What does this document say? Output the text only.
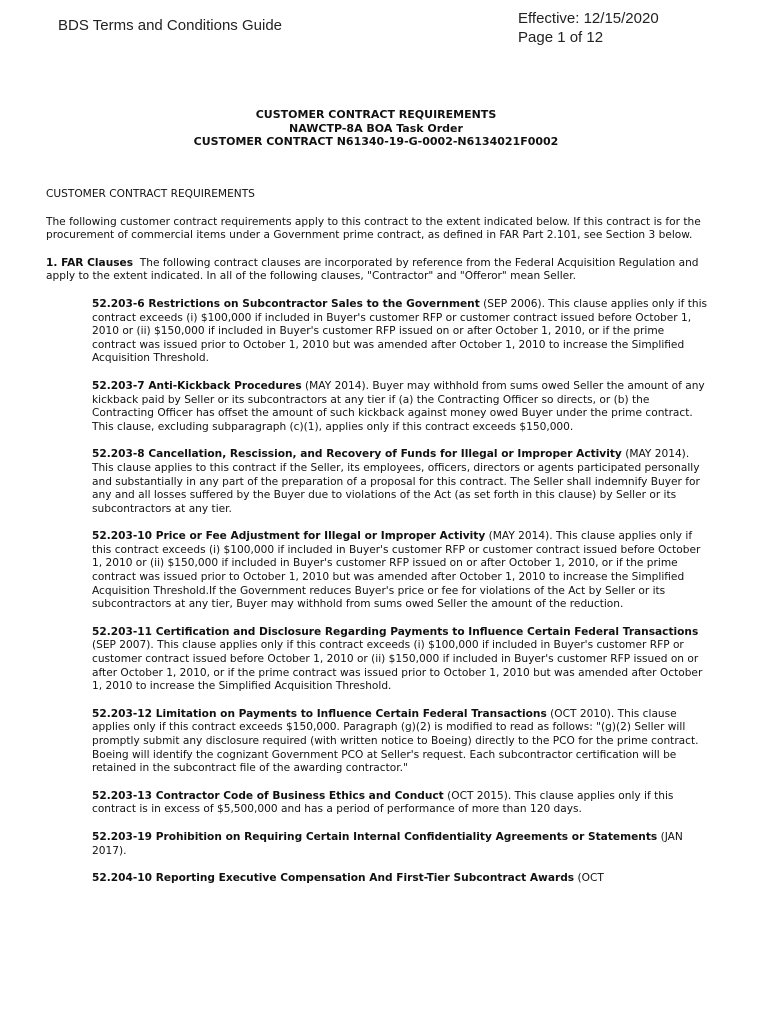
BDS Terms and Conditions Guide	Effective: 12/15/2020
Page 1 of 12
CUSTOMER CONTRACT REQUIREMENTS
NAWCTP-8A BOA Task Order
CUSTOMER CONTRACT N61340-19-G-0002-N6134021F0002

CUSTOMER CONTRACT REQUIREMENTS

The following customer contract requirements apply to this contract to the extent indicated below. If this contract is for the procurement of commercial items under a Government prime contract, as defined in FAR Part 2.101, see Section 3 below.

1. FAR Clauses The following contract clauses are incorporated by reference from the Federal Acquisition Regulation and apply to the extent indicated. In all of the following clauses, "Contractor" and "Offeror" mean Seller.

52.203-6 Restrictions on Subcontractor Sales to the Government (SEP 2006). This clause applies only if this contract exceeds (i) $100,000 if included in Buyer's customer RFP or customer contract issued before October 1, 2010 or (ii) $150,000 if included in Buyer's customer RFP issued on or after October 1, 2010, or if the prime contract was issued prior to October 1, 2010 but was amended after October 1, 2010 to increase the Simplified Acquisition Threshold.

52.203-7 Anti-Kickback Procedures (MAY 2014). Buyer may withhold from sums owed Seller the amount of any kickback paid by Seller or its subcontractors at any tier if (a) the Contracting Officer so directs, or (b) the Contracting Officer has offset the amount of such kickback against money owed Buyer under the prime contract. This clause, excluding subparagraph (c)(1), applies only if this contract exceeds $150,000.

52.203-8 Cancellation, Rescission, and Recovery of Funds for Illegal or Improper Activity (MAY 2014). This clause applies to this contract if the Seller, its employees, officers, directors or agents participated personally and substantially in any part of the preparation of a proposal for this contract. The Seller shall indemnify Buyer for any and all losses suffered by the Buyer due to violations of the Act (as set forth in this clause) by Seller or its subcontractors at any tier.

52.203-10 Price or Fee Adjustment for Illegal or Improper Activity (MAY 2014). This clause applies only if this contract exceeds (i) $100,000 if included in Buyer's customer RFP or customer contract issued before October 1, 2010 or (ii) $150,000 if included in Buyer's customer RFP issued on or after October 1, 2010, or if the prime contract was issued prior to October 1, 2010 but was amended after October 1, 2010 to increase the Simplified Acquisition Threshold.If the Government reduces Buyer's price or fee for violations of the Act by Seller or its subcontractors at any tier, Buyer may withhold from sums owed Seller the amount of the reduction.

52.203-11 Certification and Disclosure Regarding Payments to Influence Certain Federal Transactions (SEP 2007). This clause applies only if this contract exceeds (i) $100,000 if included in Buyer's customer RFP or customer contract issued before October 1, 2010 or (ii) $150,000 if included in Buyer's customer RFP issued on or after October 1, 2010, or if the prime contract was issued prior to October 1, 2010 but was amended after October 1, 2010 to increase the Simplified Acquisition Threshold.

52.203-12 Limitation on Payments to Influence Certain Federal Transactions (OCT 2010). This clause applies only if this contract exceeds $150,000. Paragraph (g)(2) is modified to read as follows: "(g)(2) Seller will promptly submit any disclosure required (with written notice to Boeing) directly to the PCO for the prime contract. Boeing will identify the cognizant Government PCO at Seller's request. Each subcontractor certification will be retained in the subcontract file of the awarding contractor."

52.203-13 Contractor Code of Business Ethics and Conduct (OCT 2015). This clause applies only if this contract is in excess of $5,500,000 and has a period of performance of more than 120 days.

52.203-19 Prohibition on Requiring Certain Internal Confidentiality Agreements or Statements (JAN 2017).

52.204-10 Reporting Executive Compensation And First-Tier Subcontract Awards (OCT
